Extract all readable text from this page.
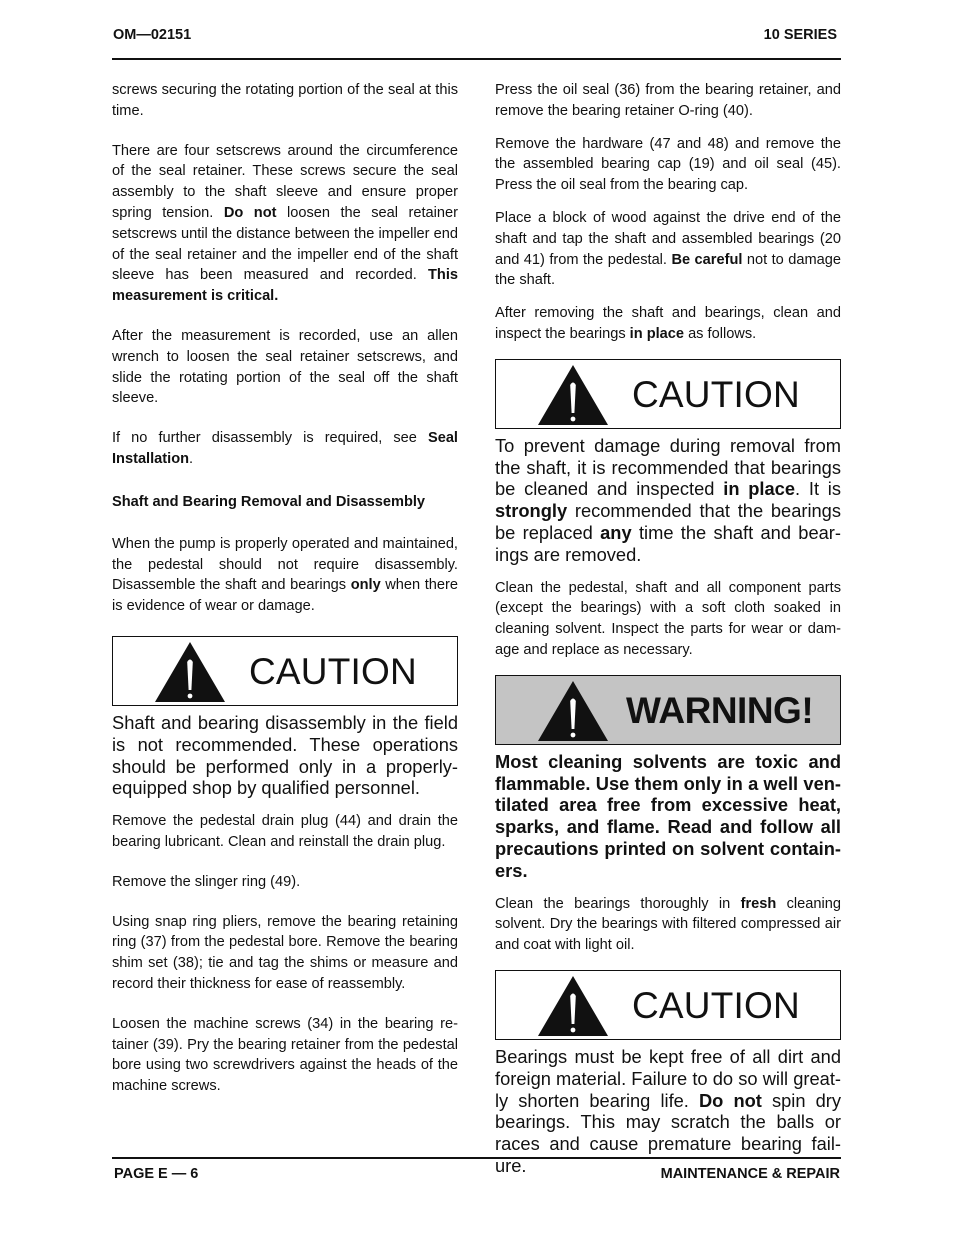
OM—02151	10 SERIES

screws securing the rotating portion of the seal at this time.

There are four setscrews around the circumference of the seal retainer. These screws secure the seal assembly to the shaft sleeve and ensure proper spring tension. Do not loosen the seal retainer setscrews until the distance between the impeller end of the seal retainer and the impeller end of the shaft sleeve has been measured and recorded. This measurement is critical.

After the measurement is recorded, use an allen wrench to loosen the seal retainer setscrews, and slide the rotating portion of the seal off the shaft sleeve.

If no further disassembly is required, see Seal Installation.

Shaft and Bearing Removal and Disassembly

When the pump is properly operated and maintained, the pedestal should not require disassembly. Disassemble the shaft and bearings only when there is evidence of wear or damage.

CAUTION

Shaft and bearing disassembly in the field is not recommended. These operations should be performed only in a properly-equipped shop by qualified personnel.

Remove the pedestal drain plug (44) and drain the bearing lubricant. Clean and reinstall the drain plug.

Remove the slinger ring (49).

Using snap ring pliers, remove the bearing retaining ring (37) from the pedestal bore. Remove the bearing shim set (38); tie and tag the shims or measure and record their thickness for ease of reassembly.

Loosen the machine screws (34) in the bearing retainer (39). Pry the bearing retainer from the pedestal bore using two screwdrivers against the heads of the machine screws.

Press the oil seal (36) from the bearing retainer, and remove the bearing retainer O-ring (40).

Remove the hardware (47 and 48) and remove the the assembled bearing cap (19) and oil seal (45). Press the oil seal from the bearing cap.

Place a block of wood against the drive end of the shaft and tap the shaft and assembled bearings (20 and 41) from the pedestal. Be careful not to damage the shaft.

After removing the shaft and bearings, clean and inspect the bearings in place as follows.

CAUTION

To prevent damage during removal from the shaft, it is recommended that bearings be cleaned and inspected in place. It is strongly recommended that the bearings be replaced any time the shaft and bearings are removed.

Clean the pedestal, shaft and all component parts (except the bearings) with a soft cloth soaked in cleaning solvent. Inspect the parts for wear or damage and replace as necessary.

WARNING!

Most cleaning solvents are toxic and flammable. Use them only in a well ventilated area free from excessive heat, sparks, and flame. Read and follow all precautions printed on solvent containers.

Clean the bearings thoroughly in fresh cleaning solvent. Dry the bearings with filtered compressed air and coat with light oil.

CAUTION

Bearings must be kept free of all dirt and foreign material. Failure to do so will greatly shorten bearing life. Do not spin dry bearings. This may scratch the balls or races and cause premature bearing failure.

PAGE E — 6	MAINTENANCE & REPAIR
